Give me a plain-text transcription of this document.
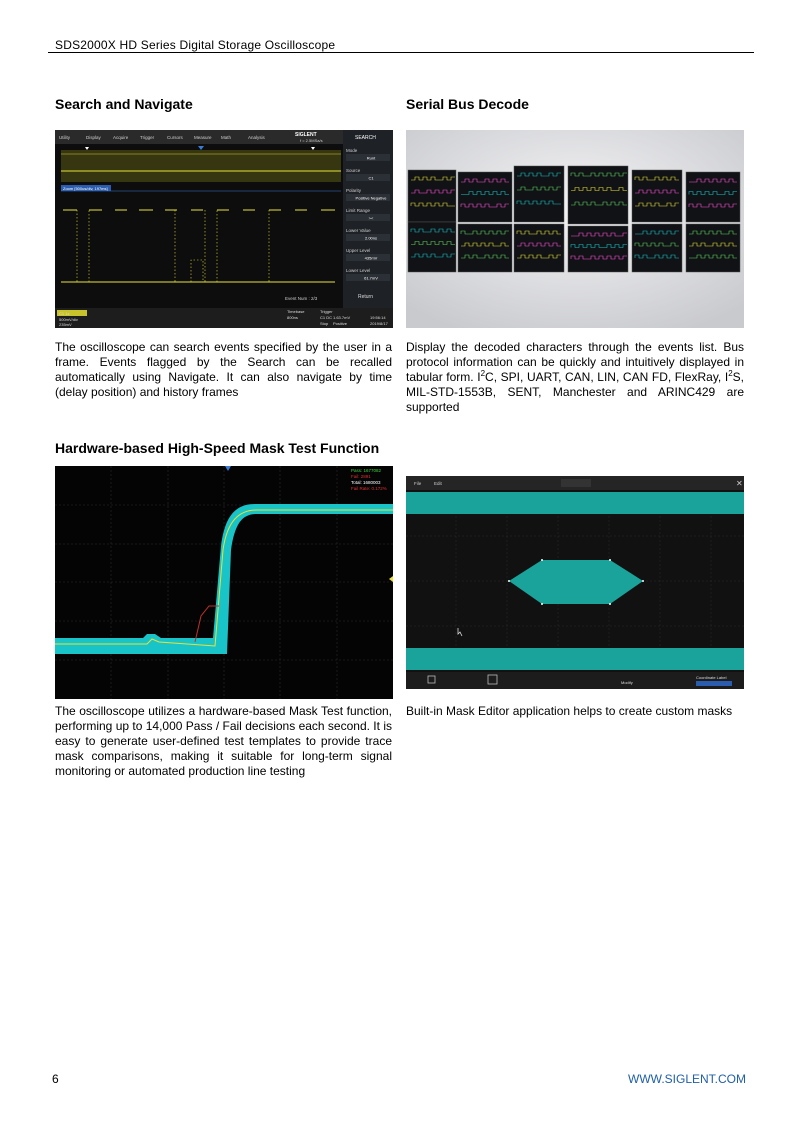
SDS2000X HD Series Digital Storage Oscilloscope
Search and Navigate
Utility	Display	Acquire	Trigger	Cursors Measure Math	Analysis	SIGLENT
f = 2.5MSa/s	SEARCH
Mode
Runt
Source
C1
Polarity
Positive Negative
Limit Range
><
Lower Value
2.00ns
Upper Level
435mV
Lower Level
61.7mV
Return
Zoom [500us/div, 197ms]
Event Num : 2/3
C1 1x
500mV/div
235mV
Timebase
800ns
Trigger
C1 DC
Stop
1.63.7mV
Positive
19:56:14
2019/8/17
The oscilloscope can search events specified by the user in a frame. Events flagged by the Search can be recalled automatically using Navigate. It can also navigate by time (delay position) and history frames
Serial Bus Decode
Display the decoded characters through the events list. Bus protocol information can be quickly and intuitively displayed in tabular form. $I^2C$, SPI, UART, CAN, LIN, CAN FD, FlexRay, $I^2S$, MIL-STD-1553B, SENT, Manchester and ARINC429 are supported
Hardware-based High-Speed Mask Test Function
Pass: 1677082
Fail: 2891
Total: 1680003
Fail Rate: 0.172%
The oscilloscope utilizes a hardware-based Mask Test function, performing up to 14,000 Pass / Fail decisions each second. It is easy to generate user-defined test templates to provide trace mask comparisons, making it suitable for long-term signal monitoring or automated production line testing
File	Edit	✕
Modify
Coordinate Label
Built-in Mask Editor application helps to create custom masks
6	WWW.SIGLENT.COM
